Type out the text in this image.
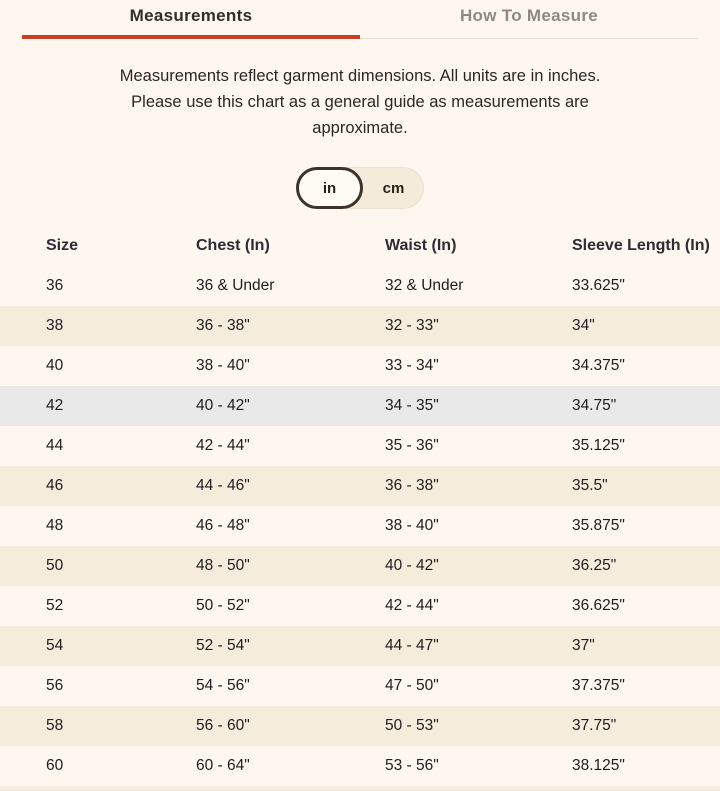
Measurements	How To Measure
Measurements reflect garment dimensions. All units are in inches.
Please use this chart as a general guide as measurements are
approximate.
in	cm
Size	Chest (In)	Waist (In)	Sleeve Length (In)
36	36 & Under	32 & Under	33.625"
38	36 - 38"	32 - 33"	34"
40	38 - 40"	33 - 34"	34.375"
42	40 - 42"	34 - 35"	34.75"
44	42 - 44"	35 - 36"	35.125"
46	44 - 46"	36 - 38"	35.5"
48	46 - 48"	38 - 40"	35.875"
50	48 - 50"	40 - 42"	36.25"
52	50 - 52"	42 - 44"	36.625"
54	52 - 54"	44 - 47"	37"
56	54 - 56"	47 - 50"	37.375"
58	56 - 60"	50 - 53"	37.75"
60	60 - 64"	53 - 56"	38.125"
